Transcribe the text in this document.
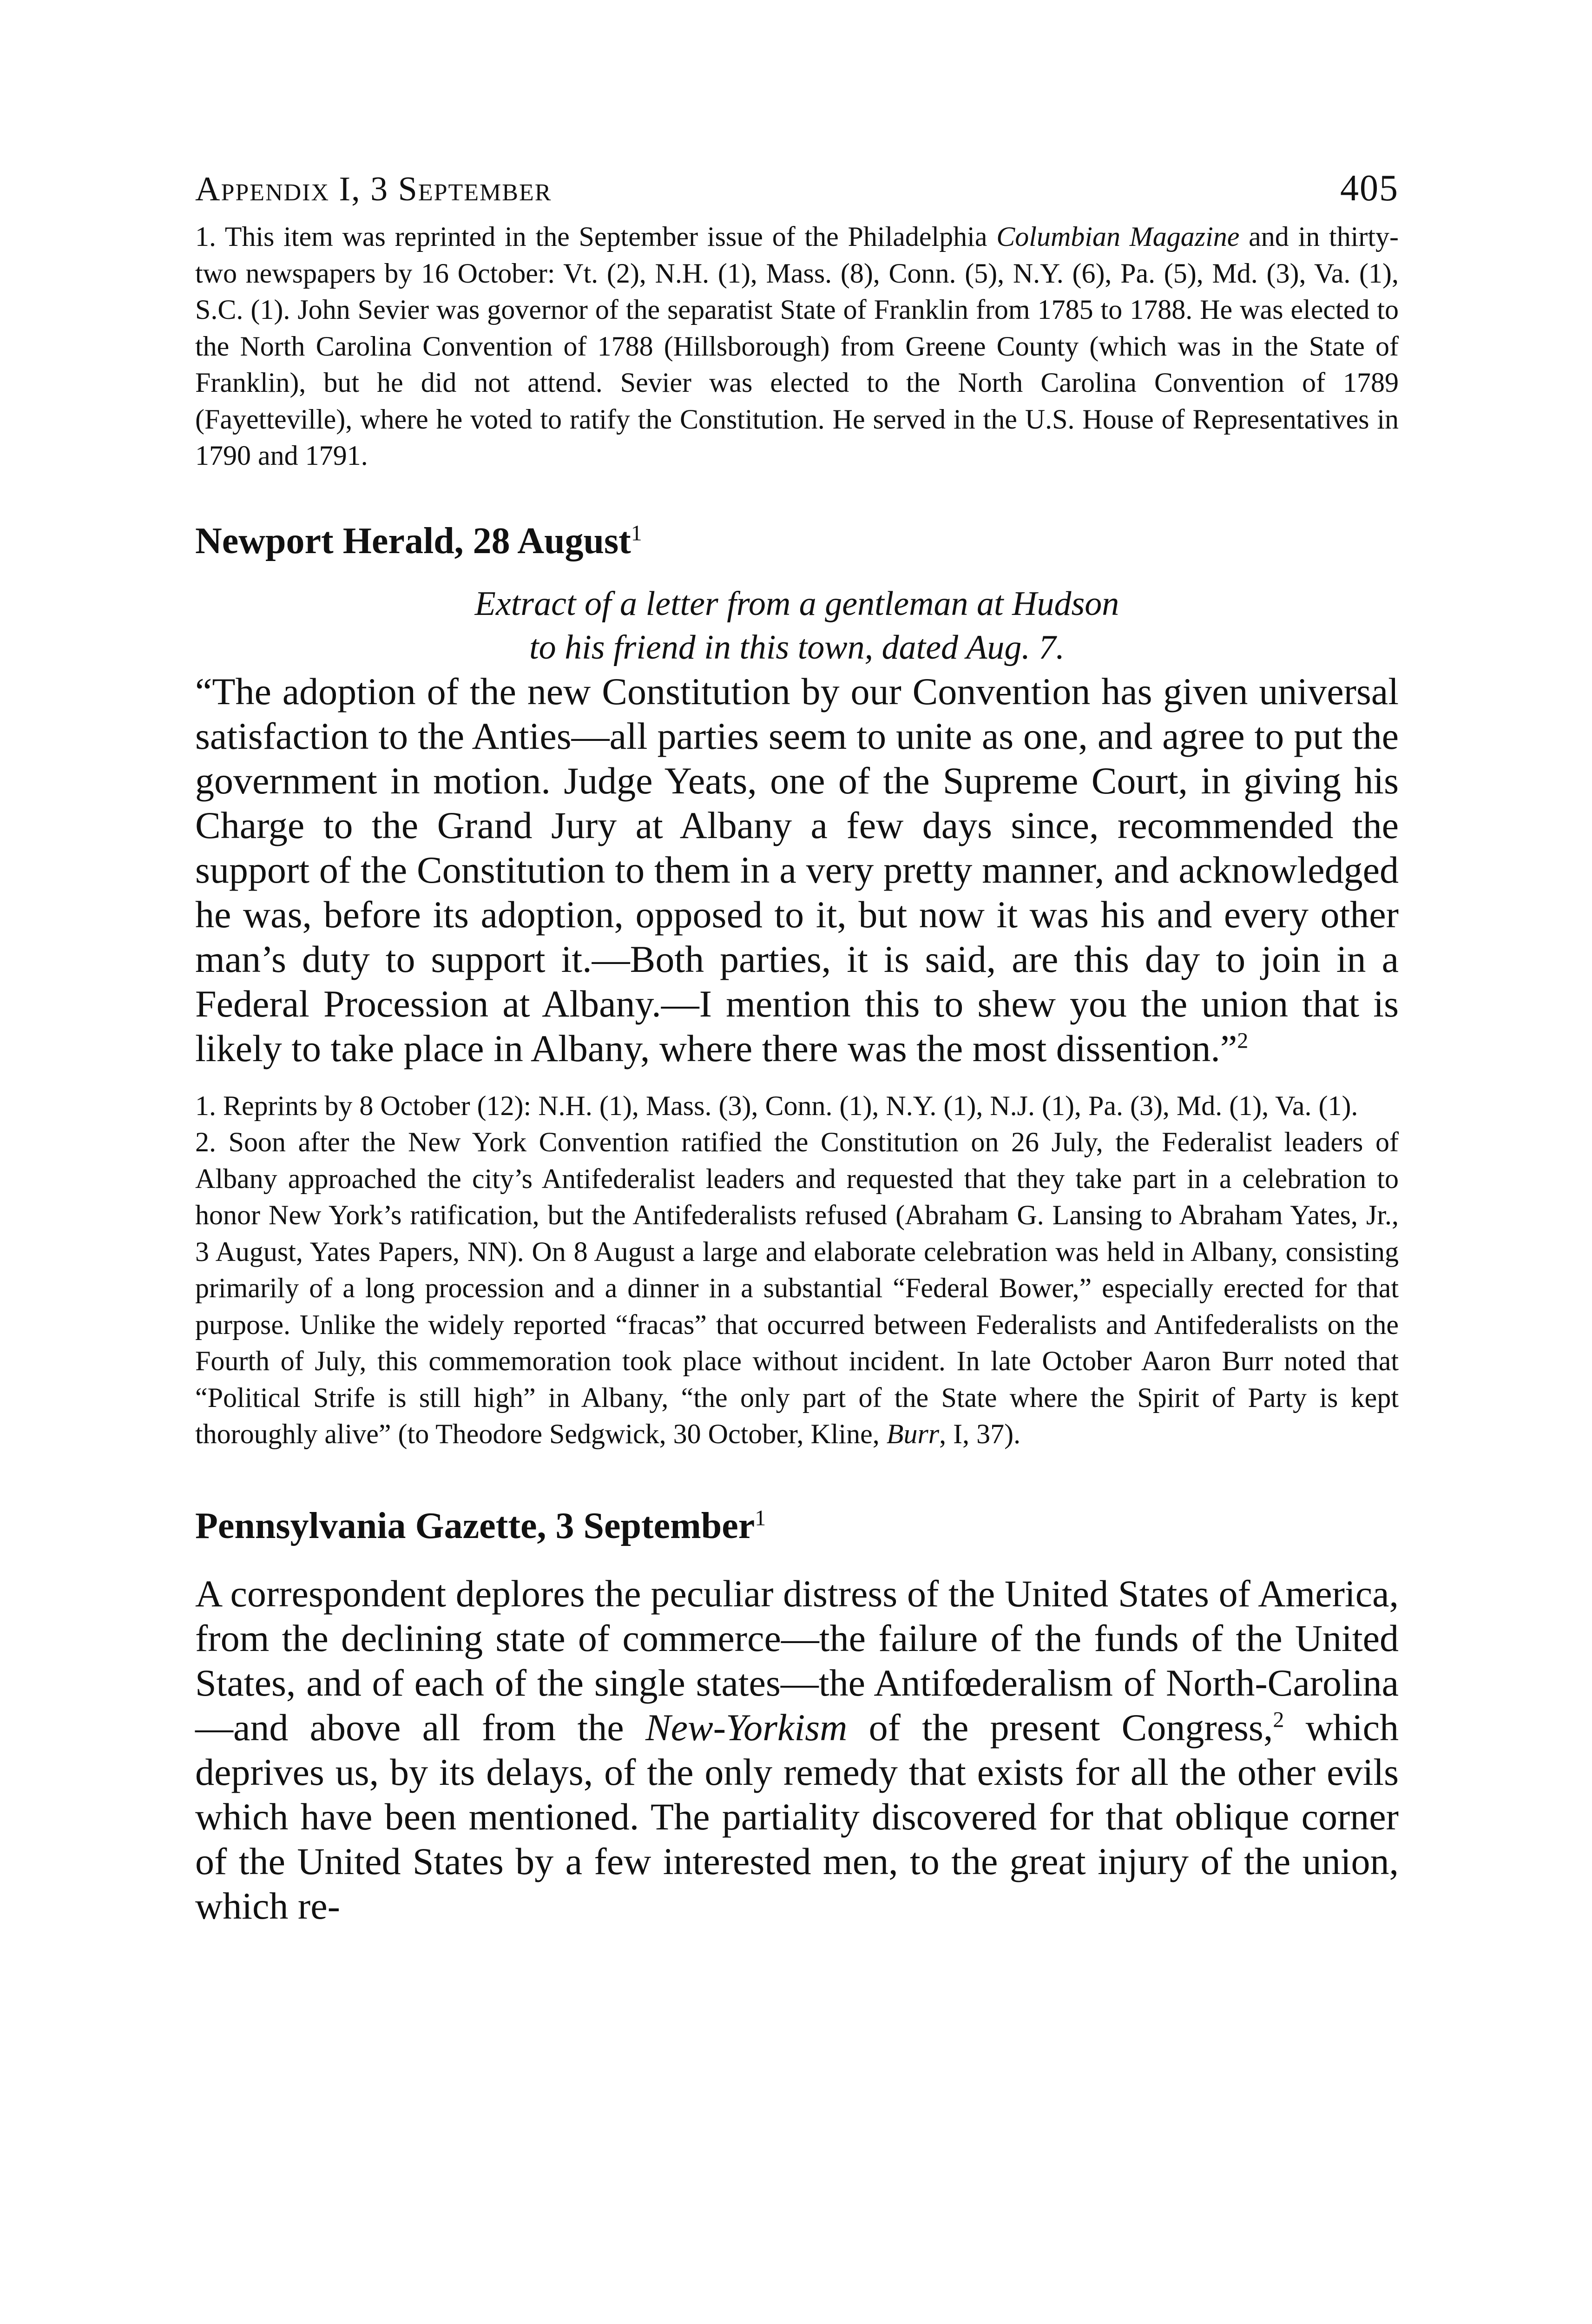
Appendix I, 3 September	405

1. This item was reprinted in the September issue of the Philadelphia Columbian Magazine and in thirty-two newspapers by 16 October: Vt. (2), N.H. (1), Mass. (8), Conn. (5), N.Y. (6), Pa. (5), Md. (3), Va. (1), S.C. (1). John Sevier was governor of the separatist State of Franklin from 1785 to 1788. He was elected to the North Carolina Convention of 1788 (Hillsborough) from Greene County (which was in the State of Franklin), but he did not attend. Sevier was elected to the North Carolina Convention of 1789 (Fayetteville), where he voted to ratify the Constitution. He served in the U.S. House of Representatives in 1790 and 1791.

Newport Herald, 28 August$^1$

Extract of a letter from a gentleman at Hudson

to his friend in this town, dated Aug. 7.

“The adoption of the new Constitution by our Convention has given universal satisfaction to the Anties—all parties seem to unite as one, and agree to put the government in motion. Judge Yeats, one of the Supreme Court, in giving his Charge to the Grand Jury at Albany a few days since, recommended the support of the Constitution to them in a very pretty manner, and acknowledged he was, before its adoption, opposed to it, but now it was his and every other man’s duty to support it.—Both parties, it is said, are this day to join in a Federal Procession at Albany.—I mention this to shew you the union that is likely to take place in Albany, where there was the most dissention.”$^2$

1. Reprints by 8 October (12): N.H. (1), Mass. (3), Conn. (1), N.Y. (1), N.J. (1), Pa. (3), Md. (1), Va. (1).

2. Soon after the New York Convention ratified the Constitution on 26 July, the Federalist leaders of Albany approached the city’s Antifederalist leaders and requested that they take part in a celebration to honor New York’s ratification, but the Antifederalists refused (Abraham G. Lansing to Abraham Yates, Jr., 3 August, Yates Papers, NN). On 8 August a large and elaborate celebration was held in Albany, consisting primarily of a long procession and a dinner in a substantial “Federal Bower,” especially erected for that purpose. Unlike the widely reported “fracas” that occurred between Federalists and Antifederalists on the Fourth of July, this commemoration took place without incident. In late October Aaron Burr noted that “Political Strife is still high” in Albany, “the only part of the State where the Spirit of Party is kept thoroughly alive” (to Theodore Sedgwick, 30 October, Kline, Burr, I, 37).

Pennsylvania Gazette, 3 September$^1$

A correspondent deplores the peculiar distress of the United States of America, from the declining state of commerce—the failure of the funds of the United States, and of each of the single states—the Antifœderalism of North-Carolina—and above all from the New-Yorkism of the present Congress,$^2$ which deprives us, by its delays, of the only remedy that exists for all the other evils which have been mentioned. The partiality discovered for that oblique corner of the United States by a few interested men, to the great injury of the union, which re-
